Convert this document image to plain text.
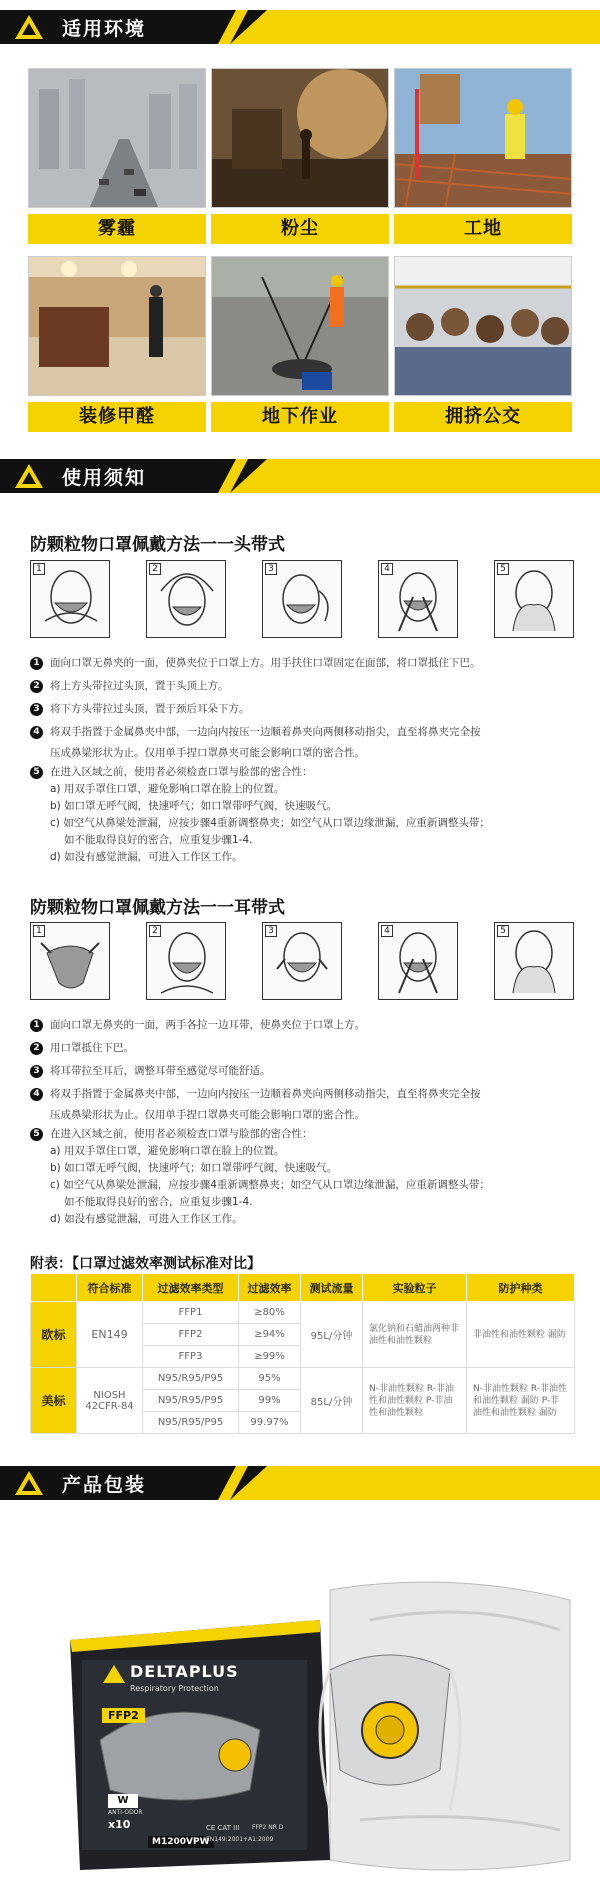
适用环境
雾霾	粉尘	工地
装修甲醛	地下作业	拥挤公交
使用须知
防颗粒物口罩佩戴方法一一头带式
1	2	3	4	5
1 面向口罩无鼻夹的一面，使鼻夹位于口罩上方。用手扶住口罩固定在面部，将口罩抵住下巴。
2 将上方头带拉过头顶，置于头顶上方。
3 将下方头带拉过头顶，置于颈后耳朵下方。
4 将双手指置于金属鼻夹中部，一边向内按压一边顺着鼻夹向两侧移动指尖，直至将鼻夹完全按
压成鼻梁形状为止。仅用单手捏口罩鼻夹可能会影响口罩的密合性。
5 在进入区域之前，使用者必须检查口罩与脸部的密合性：
a) 用双手罩住口罩，避免影响口罩在脸上的位置。
b) 如口罩无呼气阀，快速呼气；如口罩带呼气阀，快速吸气。
c) 如空气从鼻梁处泄漏，应按步骤4重新调整鼻夹；如空气从口罩边缘泄漏，应重新调整头带；
如不能取得良好的密合，应重复步骤1-4.
d) 如没有感觉泄漏，可进入工作区工作。
防颗粒物口罩佩戴方法一一耳带式
1	2	3	4	5
1 面向口罩无鼻夹的一面，两手各拉一边耳带，使鼻夹位于口罩上方。
2 用口罩抵住下巴。
3 将耳带拉至耳后，调整耳带至感觉尽可能舒适。
4 将双手指置于金属鼻夹中部，一边向内按压一边顺着鼻夹向两侧移动指尖，直至将鼻夹完全按
压成鼻梁形状为止。仅用单手捏口罩鼻夹可能会影响口罩的密合性。
5 在进入区域之前，使用者必须检查口罩与脸部的密合性：
a) 用双手罩住口罩，避免影响口罩在脸上的位置。
b) 如口罩无呼气阀，快速呼气；如口罩带呼气阀，快速吸气。
c) 如空气从鼻梁处泄漏，应按步骤4重新调整鼻夹；如空气从口罩边缘泄漏，应重新调整头带；
如不能取得良好的密合，应重复步骤1-4.
d) 如没有感觉泄漏，可进入工作区工作。
附表：【口罩过滤效率测试标准对比】
	符合标准	过滤效率类型	过滤效率	测试流量	实验粒子	防护种类
欧标	EN149	FFP1	≥80%	95L/分钟	氯化钠和石蜡油两种非油性和油性颗粒	非油性和油性颗粒 漏防
		FFP2	≥94%			
		FFP3	≥99%			
美标	NIOSH 42CFR-84	N95/R95/P95	95%	85L/分钟	N-非油性颗粒 R-非油性和油性颗粒 P-非油性和油性颗粒	N-非油性颗粒 R-非油性和油性颗粒 漏防 P-非油性和油性颗粒 漏防
		N95/R95/P95	99%			
		N95/R95/P95	99.97%			
产品包装
DELTAPLUS
Respiratory Protection
FFP2
W
ANTI-ODOR
x10
M1200VPW
CE CAT III FFP2 NR D
EN149:2001+A1:2009
